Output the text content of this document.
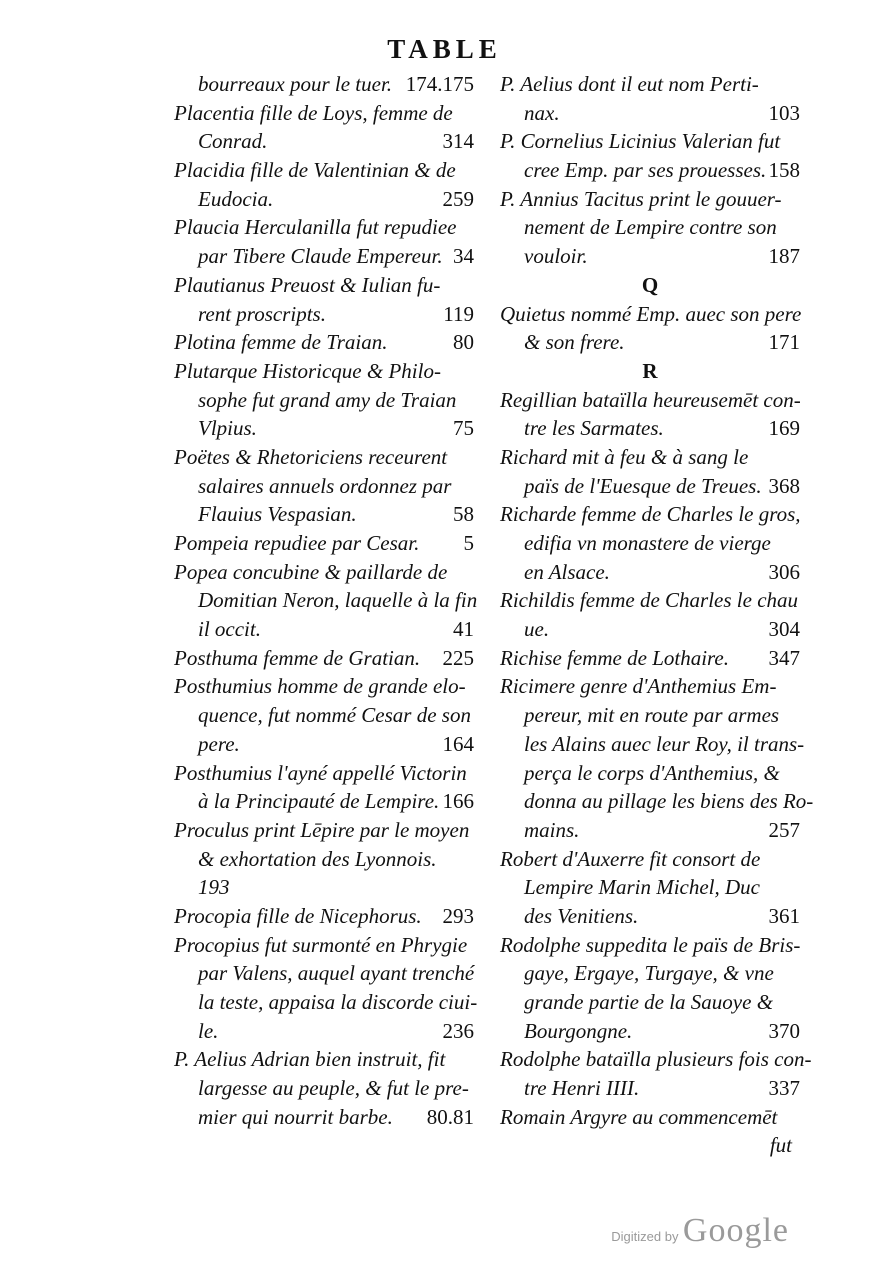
TABLE
bourreaux pour le tuer. 174.175
Placentia fille de Loys, femme de
Conrad.	314
Placidia fille de Valentinian & de
Eudocia.	259
Plaucia Herculanilla fut repudiee
par Tibere Claude Empereur. 34
Plautianus Preuost & Iulian fu-
rent proscripts.	119
Plotina femme de Traian.	80
Plutarque Historicque & Philo-
sophe fut grand amy de Traian
Vlpius.	75
Poëtes & Rhetoriciens receurent
salaires annuels ordonnez par
Flauius Vespasian.	58
Pompeia repudiee par Cesar. 5
Popea concubine & paillarde de
Domitian Neron, laquelle à la fin
il occit.	41
Posthuma femme de Gratian. 225
Posthumius homme de grande elo-
quence, fut nommé Cesar de son
pere.	164
Posthumius l'ayné appellé Victorin
à la Principauté de Lempire. 166
Proculus print Lēpire par le moyen
& exhortation des Lyonnois.
193
Procopia fille de Nicephorus. 293
Procopius fut surmonté en Phrygie
par Valens, auquel ayant trenché
la teste, appaisa la discorde ciui-
le.	236
P. Aelius Adrian bien instruit, fit
largesse au peuple, & fut le pre-
mier qui nourrit barbe. 80.81
P. Aelius dont il eut nom Perti-
nax.	103
P. Cornelius Licinius Valerian fut
cree Emp. par ses prouesses. 158
P. Annius Tacitus print le gouuer-
nement de Lempire contre son
vouloir.	187
Q
Quietus nommé Emp. auec son pere
& son frere.	171
R
Regillian bataïlla heureusemēt con-
tre les Sarmates.	169
Richard mit à feu & à sang le
païs de l'Euesque de Treues. 368
Richarde femme de Charles le gros,
edifia vn monastere de vierge
en Alsace.	306
Richildis femme de Charles le chau
ue.	304
Richise femme de Lothaire. 347
Ricimere genre d'Anthemius Em-
pereur, mit en route par armes
les Alains auec leur Roy, il trans-
perça le corps d'Anthemius, &
donna au pillage les biens des Ro-
mains.	257
Robert d'Auxerre fit consort de
Lempire Marin Michel, Duc
des Venitiens.	361
Rodolphe suppedita le païs de Bris-
gaye, Ergaye, Turgaye, & vne
grande partie de la Sauoye &
Bourgongne.	370
Rodolphe bataïlla plusieurs fois con-
tre Henri IIII.	337
Romain Argyre au commencemēt
fut
Digitized by Google
